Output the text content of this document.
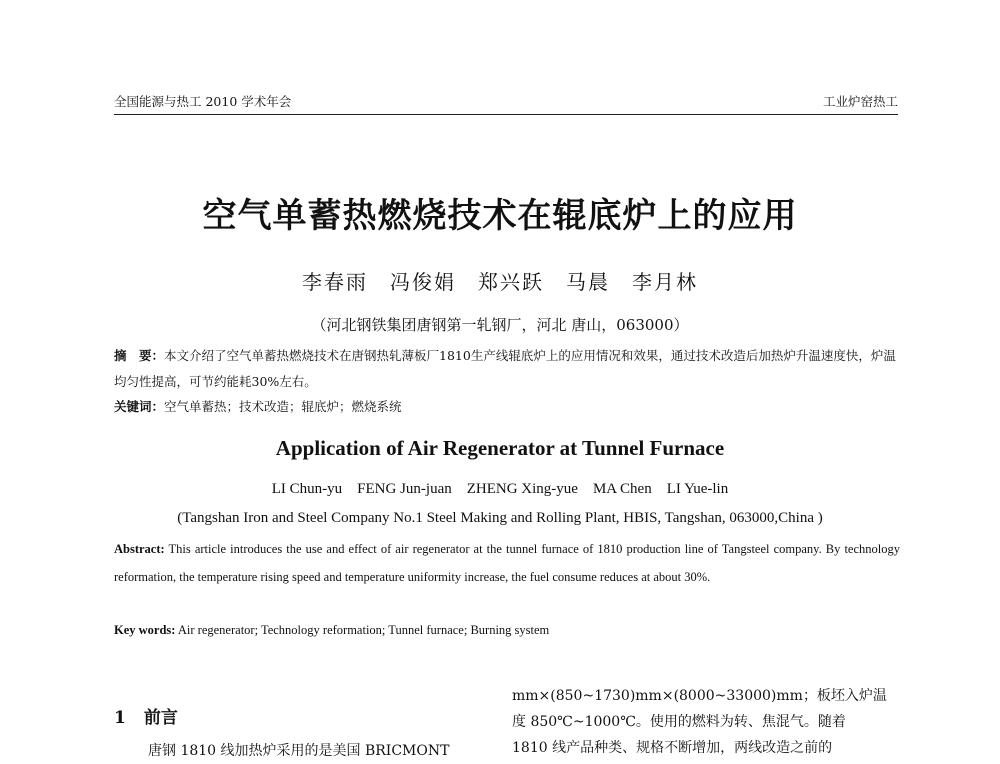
全国能源与热工 2010 学术年会	工业炉窑热工
空气单蓄热燃烧技术在辊底炉上的应用
李春雨　冯俊娟　郑兴跃　马晨　李月林
（河北钢铁集团唐钢第一轧钢厂，河北 唐山，063000）
摘　要：本文介绍了空气单蓄热燃烧技术在唐钢热轧薄板厂1810生产线辊底炉上的应用情况和效果，通过技术改造后加热炉升温速度快，炉温均匀性提高，可节约能耗30%左右。
关键词：空气单蓄热；技术改造；辊底炉；燃烧系统
Application of Air Regenerator at Tunnel Furnace
LI Chun-yu    FENG Jun-juan    ZHENG Xing-yue    MA Chen    LI Yue-lin
(Tangshan Iron and Steel Company No.1 Steel Making and Rolling Plant, HBIS, Tangshan, 063000,China )
Abstract: This article introduces the use and effect of air regenerator at the tunnel furnace of 1810 production line of Tangsteel company. By technology reformation, the temperature rising speed and temperature uniformity increase, the fuel consume reduces at about 30%.
Key words: Air regenerator; Technology reformation; Tunnel furnace; Burning system
1 前言
唐钢 1810 线加热炉采用的是美国 BRICMONT
mm×(850~1730)mm×(8000~33000)mm；板坯入炉温
度 850℃~1000℃。使用的燃料为转、焦混气。随着
1810 线产品种类、规格不断增加，两线改造之前的
